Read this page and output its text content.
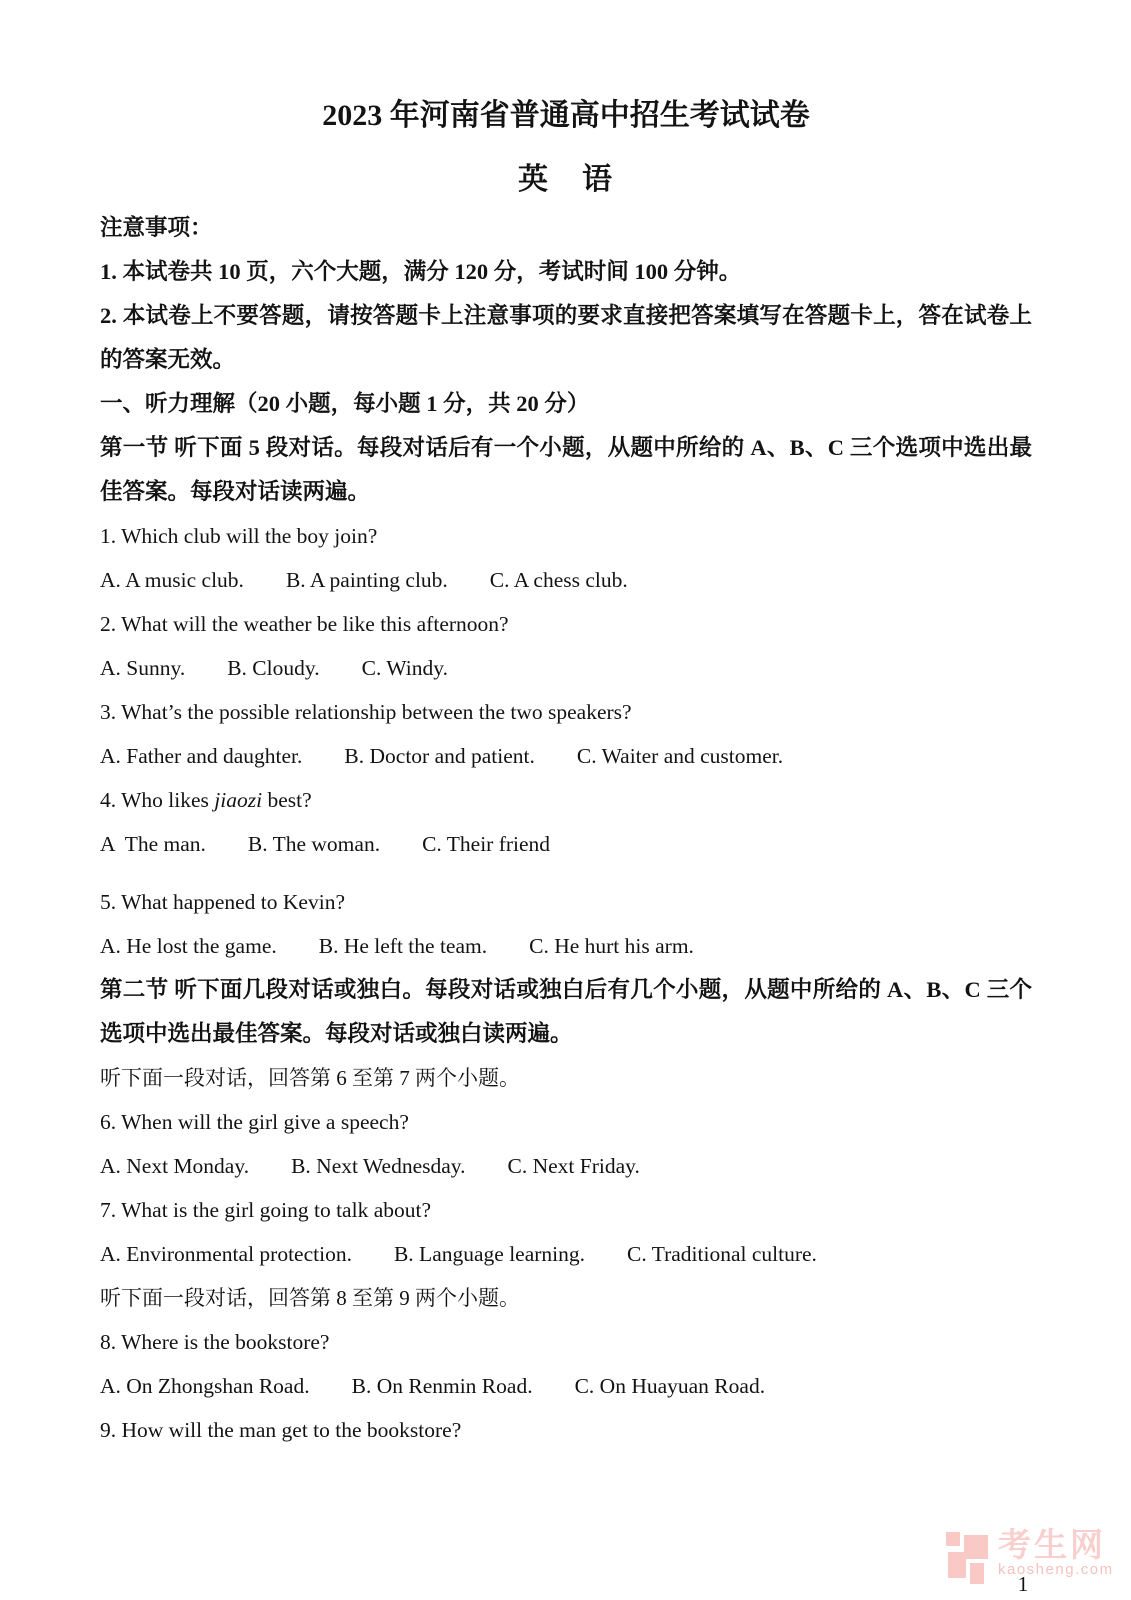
2023 年河南省普通高中招生考试试卷
英　语

注意事项：

1. 本试卷共 10 页，六个大题，满分 120 分，考试时间 100 分钟。

2. 本试卷上不要答题，请按答题卡上注意事项的要求直接把答案填写在答题卡上，答在试卷上的答案无效。

一、听力理解（20 小题，每小题 1 分，共 20 分）

第一节 听下面 5 段对话。每段对话后有一个小题，从题中所给的 A、B、C 三个选项中选出最佳答案。每段对话读两遍。

1. Which club will the boy join?

A. A music club. B. A painting club. C. A chess club.

2. What will the weather be like this afternoon?

A. Sunny. B. Cloudy. C. Windy.

3. What’s the possible relationship between the two speakers?

A. Father and daughter. B. Doctor and patient. C. Waiter and customer.

4. Who likes jiaozi best?

A  The man. B. The woman. C. Their friend

5. What happened to Kevin?

A. He lost the game. B. He left the team. C. He hurt his arm.

第二节 听下面几段对话或独白。每段对话或独白后有几个小题，从题中所给的 A、B、C 三个选项中选出最佳答案。每段对话或独白读两遍。

听下面一段对话，回答第 6 至第 7 两个小题。

6. When will the girl give a speech?

A. Next Monday. B. Next Wednesday. C. Next Friday.

7. What is the girl going to talk about?

A. Environmental protection. B. Language learning. C. Traditional culture.

听下面一段对话，回答第 8 至第 9 两个小题。

8. Where is the bookstore?

A. On Zhongshan Road. B. On Renmin Road. C. On Huayuan Road.

9. How will the man get to the bookstore?

考生网
kaosheng.com
1
